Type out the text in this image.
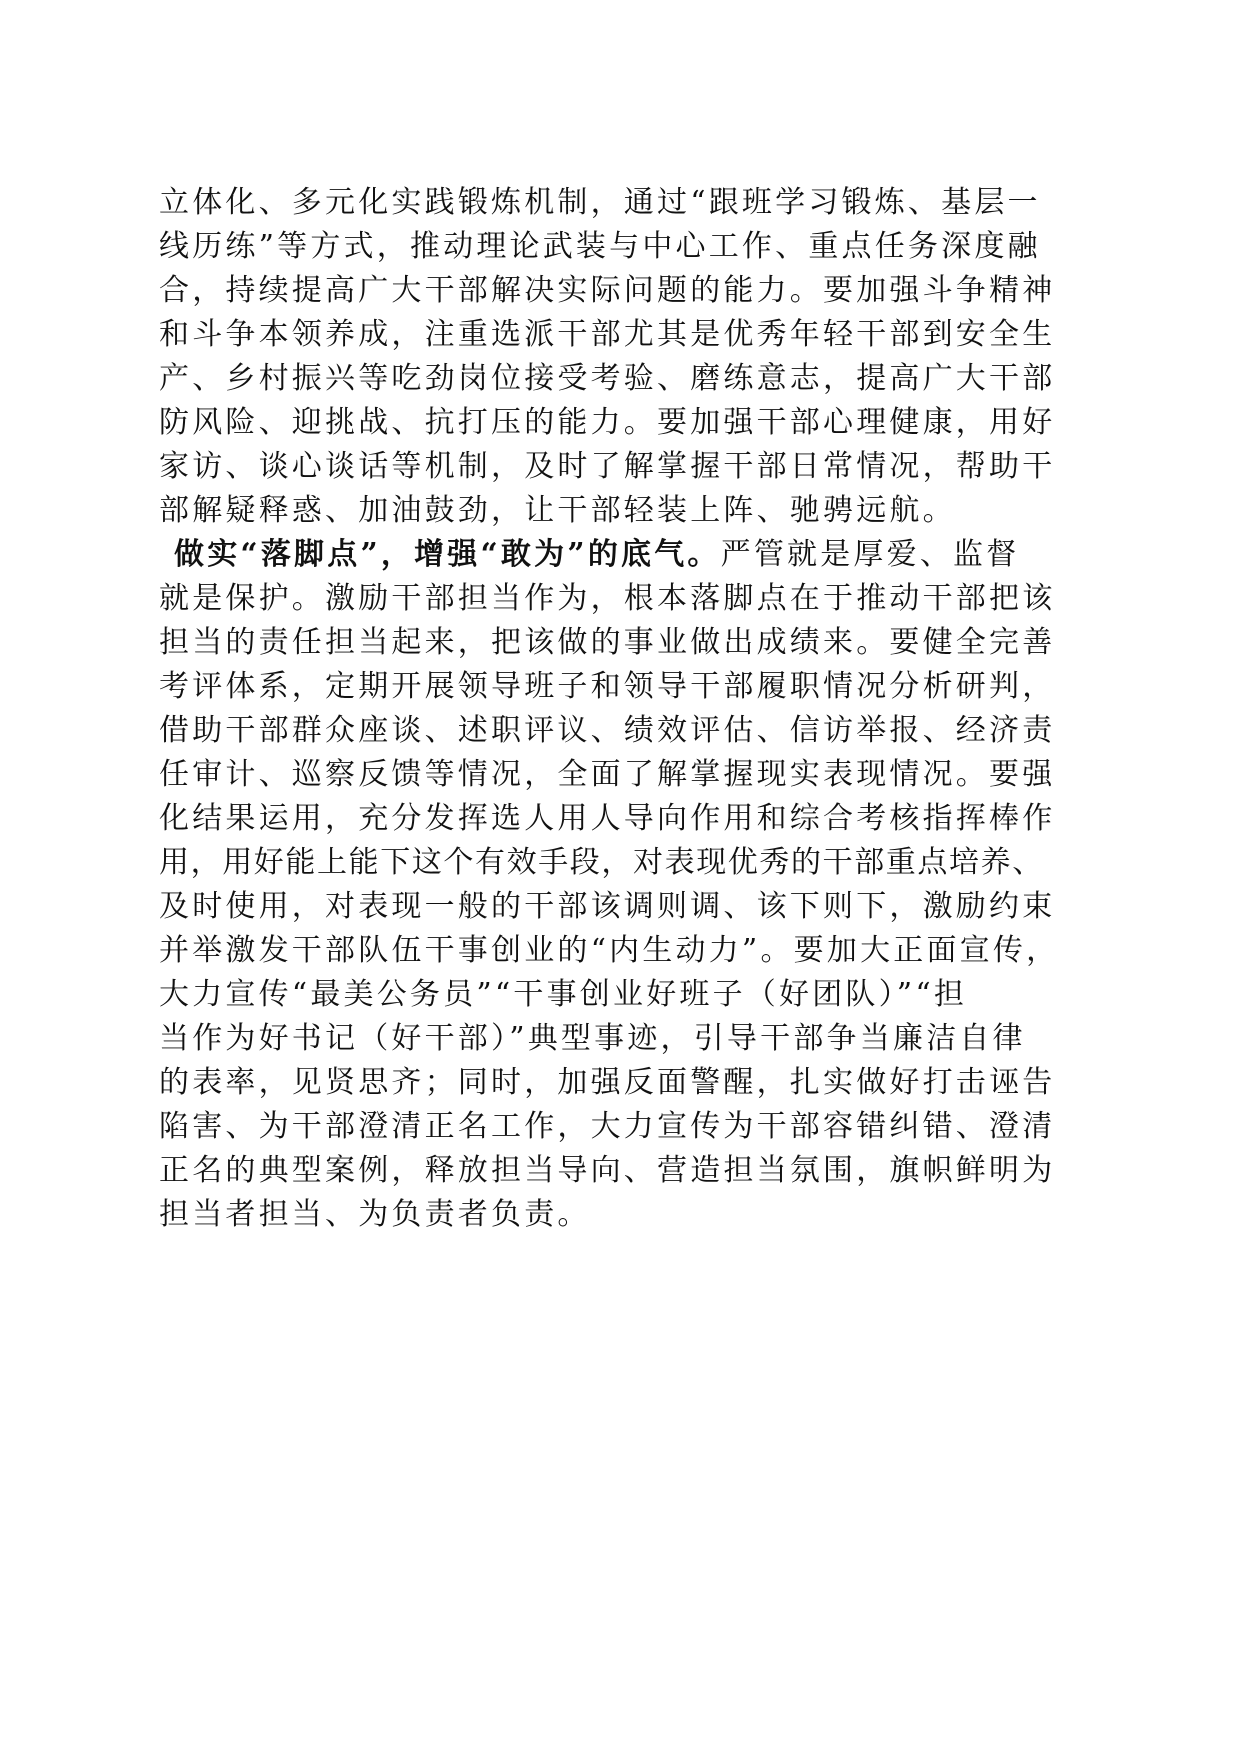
立体化、多元化实践锻炼机制，通过“跟班学习锻炼、基层一
线历练”等方式，推动理论武装与中心工作、重点任务深度融
合，持续提高广大干部解决实际问题的能力。要加强斗争精神
和斗争本领养成，注重选派干部尤其是优秀年轻干部到安全生
产、乡村振兴等吃劲岗位接受考验、磨练意志，提高广大干部
防风险、迎挑战、抗打压的能力。要加强干部心理健康，用好
家访、谈心谈话等机制，及时了解掌握干部日常情况，帮助干
部解疑释惑、加油鼓劲，让干部轻装上阵、驰骋远航。
做实“落脚点”，增强“敢为”的底气。严管就是厚爱、监督
就是保护。激励干部担当作为，根本落脚点在于推动干部把该
担当的责任担当起来，把该做的事业做出成绩来。要健全完善
考评体系，定期开展领导班子和领导干部履职情况分析研判，
借助干部群众座谈、述职评议、绩效评估、信访举报、经济责
任审计、巡察反馈等情况，全面了解掌握现实表现情况。要强
化结果运用，充分发挥选人用人导向作用和综合考核指挥棒作
用，用好能上能下这个有效手段，对表现优秀的干部重点培养、
及时使用，对表现一般的干部该调则调、该下则下，激励约束
并举激发干部队伍干事创业的“内生动力”。要加大正面宣传，
大力宣传“最美公务员”“干事创业好班子（好团队）”“担
当作为好书记（好干部）”典型事迹，引导干部争当廉洁自律
的表率，见贤思齐；同时，加强反面警醒，扎实做好打击诬告
陷害、为干部澄清正名工作，大力宣传为干部容错纠错、澄清
正名的典型案例，释放担当导向、营造担当氛围，旗帜鲜明为
担当者担当、为负责者负责。
